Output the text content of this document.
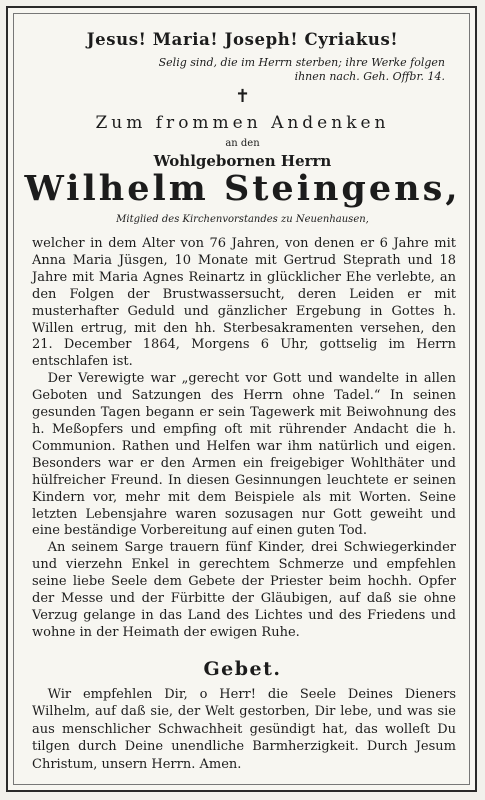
Jesus! Maria! Joseph! Cyriakus!
Selig sind, die im Herrn sterben; ihre Werke folgen ihnen nach. Geh. Offbr. 14.
✝
Zum frommen Andenken
an den
Wohlgebornen Herrn
Wilhelm Steingens,
Mitglied des Kirchenvorstandes zu Neuenhausen,

welcher in dem Alter von 76 Jahren, von denen er 6 Jahre mit Anna Maria Jüsgen, 10 Monate mit Gertrud Steprath und 18 Jahre mit Maria Agnes Reinartz in glücklicher Ehe verlebte, an den Folgen der Brustwassersucht, deren Leiden er mit musterhafter Geduld und gänzlicher Ergebung in Gottes h. Willen ertrug, mit den hh. Sterbesakramenten versehen, den 21. December 1864, Morgens 6 Uhr, gottselig im Herrn entschlafen ist.

Der Verewigte war „gerecht vor Gott und wandelte in allen Geboten und Satzungen des Herrn ohne Tadel.“ In seinen gesunden Tagen begann er sein Tagewerk mit Beiwohnung des h. Meßopfers und empfing oft mit rührender Andacht die h. Communion. Rathen und Helfen war ihm natürlich und eigen. Besonders war er den Armen ein freigebiger Wohlthäter und hülfreicher Freund. In diesen Gesinnungen leuchtete er seinen Kindern vor, mehr mit dem Beispiele als mit Worten. Seine letzten Lebensjahre waren sozusagen nur Gott geweiht und eine beständige Vorbereitung auf einen guten Tod.

An seinem Sarge trauern fünf Kinder, drei Schwiegerkinder und vierzehn Enkel in gerechtem Schmerze und empfehlen seine liebe Seele dem Gebete der Priester beim hochh. Opfer der Messe und der Fürbitte der Gläubigen, auf daß sie ohne Verzug gelange in das Land des Lichtes und des Friedens und wohne in der Heimath der ewigen Ruhe.

Gebet.
Wir empfehlen Dir, o Herr! die Seele Deines Dieners Wilhelm, auf daß sie, der Welt gestorben, Dir lebe, und was sie aus menschlicher Schwachheit gesündigt hat, das wolleſt Du tilgen durch Deine unendliche Barmherzigkeit. Durch Jesum Christum, unsern Herrn. Amen.
